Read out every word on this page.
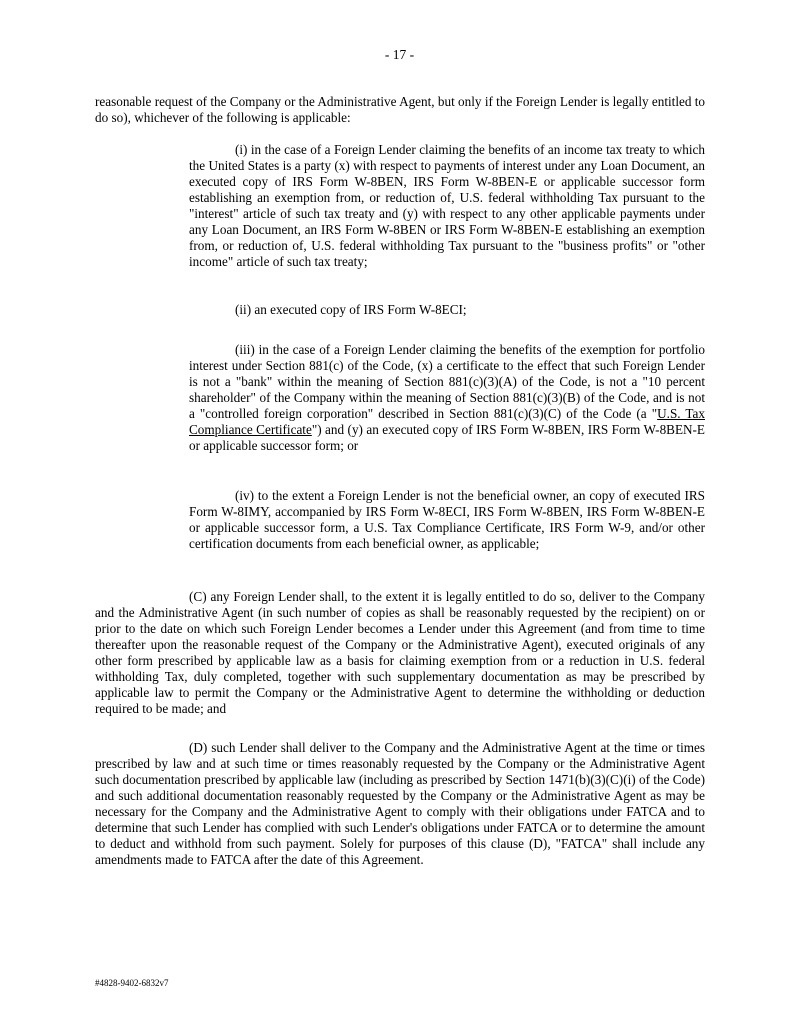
- 17 -

reasonable request of the Company or the Administrative Agent, but only if the Foreign Lender is legally entitled to do so), whichever of the following is applicable:

(i) in the case of a Foreign Lender claiming the benefits of an income tax treaty to which the United States is a party (x) with respect to payments of interest under any Loan Document, an executed copy of IRS Form W-8BEN, IRS Form W-8BEN-E or applicable successor form establishing an exemption from, or reduction of, U.S. federal withholding Tax pursuant to the "interest" article of such tax treaty and (y) with respect to any other applicable payments under any Loan Document, an IRS Form W-8BEN or IRS Form W-8BEN-E establishing an exemption from, or reduction of, U.S. federal withholding Tax pursuant to the "business profits" or "other income" article of such tax treaty;

(ii) an executed copy of IRS Form W-8ECI;

(iii) in the case of a Foreign Lender claiming the benefits of the exemption for portfolio interest under Section 881(c) of the Code, (x) a certificate to the effect that such Foreign Lender is not a "bank" within the meaning of Section 881(c)(3)(A) of the Code, is not a "10 percent shareholder" of the Company within the meaning of Section 881(c)(3)(B) of the Code, and is not a "controlled foreign corporation" described in Section 881(c)(3)(C) of the Code (a "U.S. Tax Compliance Certificate") and (y) an executed copy of IRS Form W-8BEN, IRS Form W-8BEN-E or applicable successor form; or

(iv) to the extent a Foreign Lender is not the beneficial owner, an copy of executed IRS Form W-8IMY, accompanied by IRS Form W-8ECI, IRS Form W-8BEN, IRS Form W-8BEN-E or applicable successor form, a U.S. Tax Compliance Certificate, IRS Form W-9, and/or other certification documents from each beneficial owner, as applicable;

(C) any Foreign Lender shall, to the extent it is legally entitled to do so, deliver to the Company and the Administrative Agent (in such number of copies as shall be reasonably requested by the recipient) on or prior to the date on which such Foreign Lender becomes a Lender under this Agreement (and from time to time thereafter upon the reasonable request of the Company or the Administrative Agent), executed originals of any other form prescribed by applicable law as a basis for claiming exemption from or a reduction in U.S. federal withholding Tax, duly completed, together with such supplementary documentation as may be prescribed by applicable law to permit the Company or the Administrative Agent to determine the withholding or deduction required to be made; and

(D) such Lender shall deliver to the Company and the Administrative Agent at the time or times prescribed by law and at such time or times reasonably requested by the Company or the Administrative Agent such documentation prescribed by applicable law (including as prescribed by Section 1471(b)(3)(C)(i) of the Code) and such additional documentation reasonably requested by the Company or the Administrative Agent as may be necessary for the Company and the Administrative Agent to comply with their obligations under FATCA and to determine that such Lender has complied with such Lender's obligations under FATCA or to determine the amount to deduct and withhold from such payment. Solely for purposes of this clause (D), "FATCA" shall include any amendments made to FATCA after the date of this Agreement.

#4828-9402-6832v7
